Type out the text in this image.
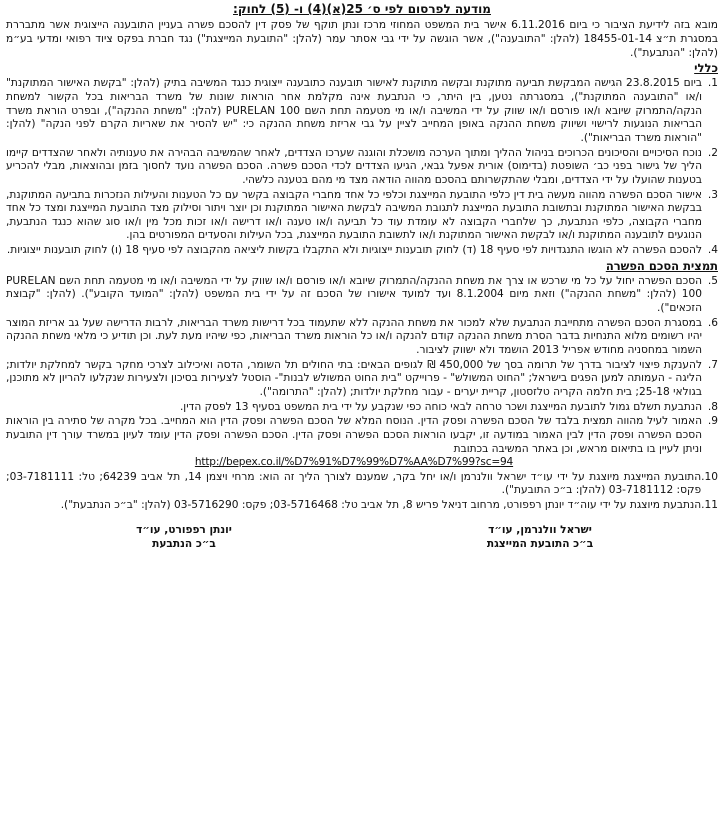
מודעה לפרסום לפי ס׳ 25(א)(4) ו- (5) לחוק:

מובא בזה לידיעת הציבור כי ביום 6.11.2016 אישר בית המשפט המחוזי מרכז ונתן תוקף של פסק דין להסכם פשרה בעניין התובענה הייצוגית אשר מתבררת במסגרת ת״צ 18455-01-14 (להלן: "התובענה"), אשר הוגשה על ידי גבי אסתר עמר (להלן: "התובעת המייצגת") נגד חברת בפקס ציוד רפואי ומדעי בע״מ (להלן: "הנתבעת").

כללי
1.
ביום 23.8.2015 הגישה המבקשת תביעה מתוקנת ובקשה מתוקנת לאישור תובענה כתובענה ייצוגית כנגד המשיבה בתיק (להלן: "בקשת האישור המתוקנת" ו/או "התובענה המתוקנת"), במסגרתה נטען, בין היתר, כי הנתבעת אינה מקלמת אחר הוראות שונות של משרד הבריאות בכל הקשור למשחת הנקה/התמרוק שיובא ו/או פורסם ו/או שווק על ידי המשיבה ו/או מי מטעמה תחת השם PURELAN 100 (להלן: "משחת ההנקה"), ובפרט הוראת משרד הבריאות הנוגעות לרישוי ושיווק משחת ההנקה באופן המחייב לציין על גבי אריזת משחת ההנקה כי: "יש להסיר את שאריות הקרם לפני הנקה" (להלן: "הוראות משרד הבריאות").
2.
נוכח הסיכויים והסיכונים הכרוכים בניהול ההליך ומתוך הערכה מושכלת והוגנה שערכו הצדדים, לאחר שהמשיבה הבהירה את טענותיה ולאחר שהצדדים קיימו הליך של גישור בפני כב׳ השופטת (בדימוס) אורית אפעל גבאי, הגיעו הצדדים לכדי הסכם פשרה. הסכם הפשרה נועד לחסוך בזמן ובהוצאות, מבלי להכריע בטענות שהועלו על ידי הצדדים, ומבלי שהתקשרותם בהסכם מהווה הודאה מצד מי מהם בטענה כלשהי.
3.
אישור הסכם הפשרה מהווה מעשה בית דין כלפי התובעת המייצגת וכלפי כל אחד מחברי הקבוצה בקשר עם כל הטענות והעילות הנזכרות בתביעה המתוקנת, בבקשת האישור המתוקנת ובתשובת התובעת המייצגת לתגובת המשיבה לבקשת האישור המתוקנת וכן יוצר ויתור וסילוק מצד התובעת המייצגת ומצד כל אחד מחברי הקבוצה, כלפי הנתבעת, כך שלחברי הקבוצה לא עומדת עוד כל תביעה ו/או טענה ו/או דרישה ו/או זכות מכל מין ו/או סוג שהוא כנגד הנתבעת, הנוגעים לתובענה המתוקנת ו/או לבקשת האישור המתוקנת ו/או לתשובת התובעת המייצגת, בכל העילות והסעדים המפורטים בהן.
4.
להסכם הפשרה לא הוגשו התנגדויות לפי סעיף 18 (ד) לחוק תובענות ייצוגיות ולא התקבלו בקשות ליציאה מהקבוצה לפי סעיף 18 (ו) לחוק תובענות ייצוגיות.
תמצית הסכם הפשרה
5.
הסכם הפשרה יחול על כל מי שרכש או צרך את משחת ההנקה/התמרוק שיובא ו/או פורסם ו/או שווק על ידי המשיבה ו/או מי מטעמה תחת השם PURELAN 100 (להלן: "משחת ההנקה") וזאת מיום 8.1.2004 ועד למועד אישורו של הסכם זה על ידי בית המשפט (להלן: "המועד הקובע"). (להלן: "קבוצת הזכאים").
6.
במסגרת הסכם הפשרה מתחייבת הנתבעת שלא למכור את משחת ההנקה ללא שתעמוד בכל דרישות משרד הבריאות, לרבות הדרישה שעל גב אריזת המוצר יהיו רשומים מלוא התנחיות בדבר הסרת משחת ההנקה קודם להנקה ו/או כל הוראות משרד הבריאות, כפי שיהיו מעת לעת. וכן תודיע כי מלאי משחת ההנקה השמור במחסניה מחודש אפריל 2013 הושמד ולא ישווק לציבור.
7.
להענקת פיצוי לציבור בדרך של תרומה בסך של 450,000 ₪ לגופים הבאים: בתי החולים תל השומר, הדסה ואיכילוב לצרכי מחקר בקשר למחלקת יולדות; הליגה - העמותה למען הפגים בישראל; "החוט המשולש" - פרוייקט "בית החוט המשולש לבנות"- הוסטל לצעירות בסיכון ולצעירות שנקלעו להריון לא מתוכנן, בגולאי 25-18; בית חלמה הקריה טלזסטון, קריית יערים - עבור מחלקת יולדות; (להלן: "התרומה").
8.
הנתבעת תשלם גמול לתובעת המייצגת ושכר טרחה לבאי כוחה כפי שנקבע על ידי בית המשפט בסעיף 13 לפסק הדין.
9.
האמור לעיל מהווה תמצית בלבד של הסכם הפשרה ופסק הדין. הנוסח המלא של הסכם הפשרה ופסק הדין הוא המחייב. בכל מקרה של סתירה בין הוראות הסכם הפשרה ופסק הדין לבין האמור במודעה זו, יקבעו הוראות הסכם הפשרה ופסק הדין. הסכם הפשרה ופסק הדין עומד לעיון במשרד עורך דין התובעת וניתן לעיין בו בתיאום מראש, וכן באתר המשיבה בכתובת
http://bepex.co.il/%D7%91%D7%99%D7%AA%D7%99?sc=94
10.
התובעת המייצגת מיוצגת על ידי עו״ד ישראל וולנרמן ו/או יחל בקר, שמענם לצורך הליך זה הוא: מרחי ויצמן 14, תל אביב 64239; טל: 03-7181111; פקס: 03-7181112 (להלן: ב״כ התובעת").
11.
הנתבעת מיוצגת על ידי עוה״ד יונתן רפפורט, מרחוב דניאל פריש 8, תל אביב טל: 03-5716468; פקס: 03-5716290 (להלן: "ב״כ הנתבעת").
ישראל וולנרמן, עו״ד
ב״כ התובעת המייצגת
יונתן רפפורט, עו״ד
ב״כ הנתבעת
